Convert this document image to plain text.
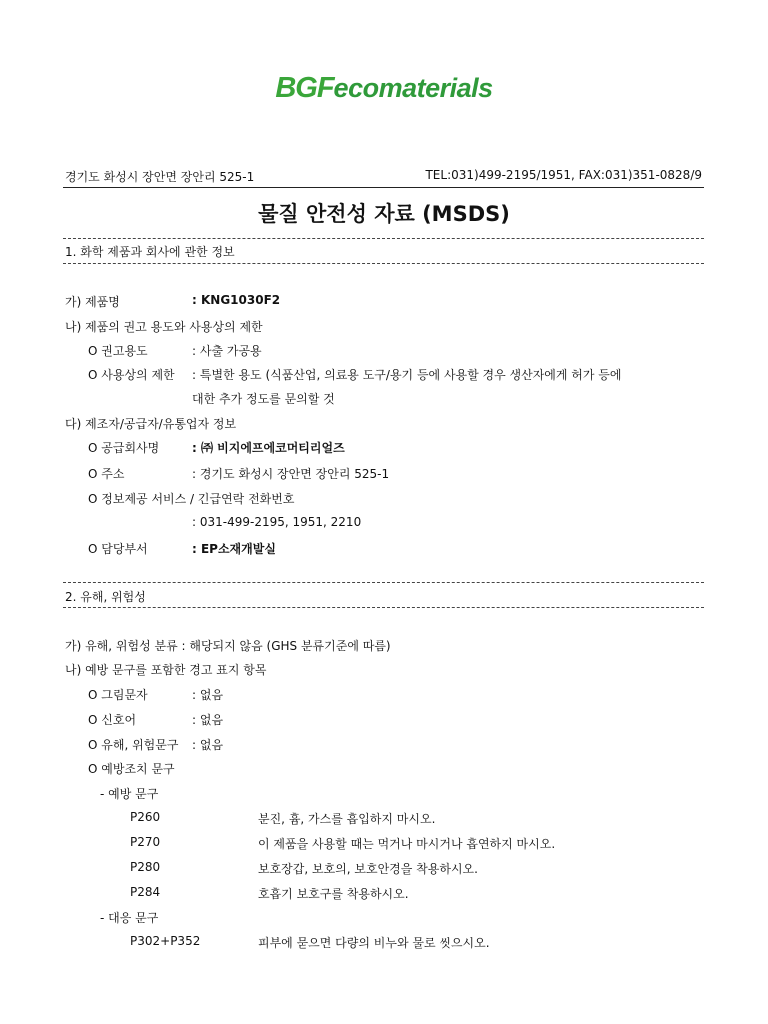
BGFecomaterials
경기도 화성시 장안면 장안리 525-1	TEL:031)499-2195/1951, FAX:031)351-0828/9
물질 안전성 자료 (MSDS)
1. 화학 제품과 회사에 관한 정보
가) 제품명	: KNG1030F2
나) 제품의 권고 용도와 사용상의 제한
O 권고용도	: 사출 가공용
O 사용상의 제한 : 특별한 용도 (식품산업, 의료용 도구/용기 등에 사용할 경우 생산자에게 허가 등에
대한 추가 정도를 문의할 것
다) 제조자/공급자/유통업자 정보
O 공급회사명	: ㈜ 비지에프에코머티리얼즈
O 주소	: 경기도 화성시 장안면 장안리 525-1
O 정보제공 서비스 / 긴급연락 전화번호
: 031-499-2195, 1951, 2210
O 담당부서	: EP소재개발실
2. 유해, 위험성
가) 유해, 위험성 분류 : 해당되지 않음 (GHS 분류기준에 따름)
나) 예방 문구를 포함한 경고 표지 항목
O 그림문자	: 없음
O 신호어	: 없음
O 유해, 위험문구 : 없음
O 예방조치 문구
- 예방 문구
P260	분진, 흄, 가스를 흡입하지 마시오.
P270	이 제품을 사용할 때는 먹거나 마시거나 흡연하지 마시오.
P280	보호장갑, 보호의, 보호안경을 착용하시오.
P284	호흡기 보호구를 착용하시오.
- 대응 문구
P302+P352	피부에 묻으면 다량의 비누와 물로 씻으시오.
